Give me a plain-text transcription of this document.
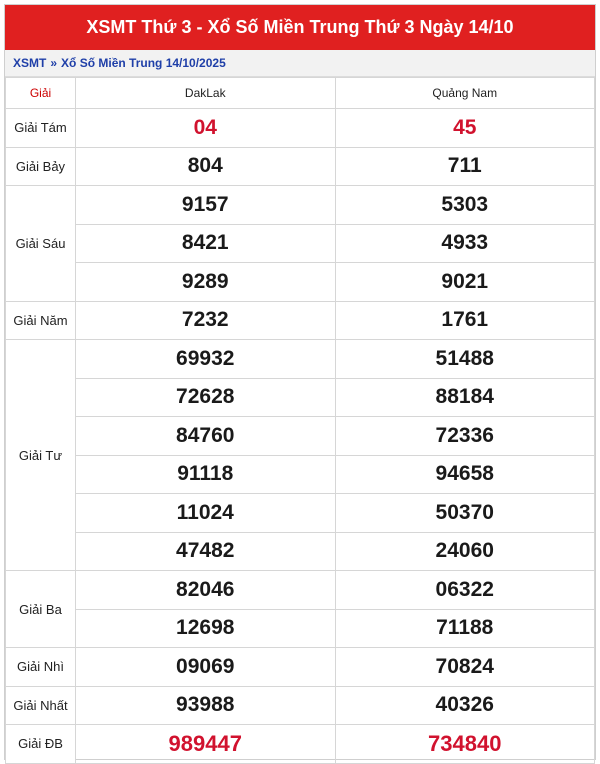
XSMT Thứ 3 - Xổ Số Miền Trung Thứ 3 Ngày 14/10
XSMT » Xổ Số Miền Trung 14/10/2025
Giải	DakLak	Quảng Nam
Giải Tám	04	45
Giải Bảy	804	711
Giải Sáu	9157	5303
	8421	4933
	9289	9021
Giải Năm	7232	1761
Giải Tư	69932	51488
	72628	88184
	84760	72336
	91118	94658
	11024	50370
	47482	24060
Giải Ba	82046	06322
	12698	71188
Giải Nhì	09069	70824
Giải Nhất	93988	40326
Giải ĐB	989447	734840
